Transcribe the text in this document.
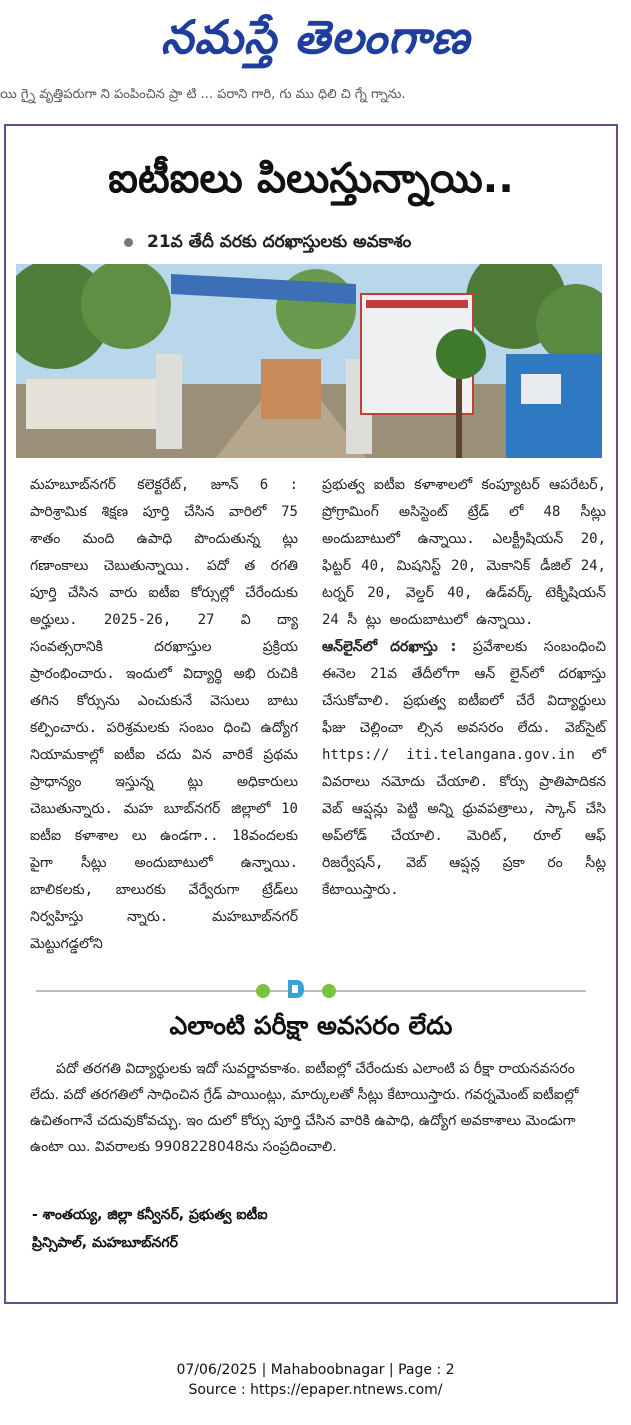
నమస్తే తెలంగాణ
యి గ్నై వృత్తిపరుగా ని పంపించిన ప్రా టి ... పరాని గారి, గు ము ధిలి చి గ్నే గ్నాను.
ఐటీఐలు పిలుస్తున్నాయి..
21వ తేదీ వరకు దరఖాస్తులకు అవకాశం

మహబూబ్‌నగర్ కలెక్టరేట్, జూన్ 6 : పారిశ్రామిక శిక్షణ పూర్తి చేసిన వారిలో 75 శాతం మంది ఉపాధి పొందుతున్న ట్లు గణాంకాలు చెబుతున్నాయి. పదో త రగతి పూర్తి చేసిన వారు ఐటీఐ కోర్సుల్లో చేరేందుకు అర్హులు. 2025-26, 27 వి ద్యా సంవత్సరానికి దరఖాస్తుల ప్రక్రియ ప్రారంభించారు. ఇందులో విద్యార్థి అభి రుచికి తగిన కోర్సును ఎంచుకునే వెసులు బాటు కల్పించారు. పరిశ్రమలకు సంబం ధించి ఉద్యోగ నియామకాల్లో ఐటీఐ చదు విన వారికే ప్రథమ ప్రాధాన్యం ఇస్తున్న ట్లు అధికారులు చెబుతున్నారు. మహ బూబ్‌నగర్ జిల్లాలో 10 ఐటీఐ కళాశాల లు ఉండగా.. 18వందలకు పైగా సీట్లు అందుబాటులో ఉన్నాయి. బాలికలకు, బాలురకు వేర్వేరుగా ట్రేడ్‌లు నిర్వహిస్తు న్నారు. మహబూబ్‌నగర్ మెట్టుగడ్డలోని

ప్రభుత్వ ఐటీఐ కళాశాలలో కంప్యూటర్ ఆపరేటర్, ప్రోగ్రామింగ్ అసిస్టెంట్ ట్రేడ్ లో 48 సీట్లు అందుబాటులో ఉన్నాయి. ఎలక్ట్రీషియన్ 20, ఫిట్టర్ 40, మిషనిస్ట్ 20, మెకానిక్ డీజిల్ 24, టర్నర్ 20, వెల్డర్ 40, ఉడ్‌వర్క్ టెక్నీషియన్ 24 సీ ట్లు అందుబాటులో ఉన్నాయి.

ఆన్‌లైన్‌లో దరఖాస్తు : ప్రవేశాలకు సంబంధించి ఈనెల 21వ తేదీలోగా ఆన్ లైన్‌లో దరఖాస్తు చేసుకోవాలి. ప్రభుత్వ ఐటీఐలో చేరే విద్యార్థులు ఫీజు చెల్లించా ల్సిన అవసరం లేదు. వెబ్‌సైట్ https:// iti.telangana.gov.in లో వివరాలు నమోదు చేయాలి. కోర్సు ప్రాతిపాదికన వెబ్ ఆప్షన్లు పెట్టి అన్ని ధ్రువపత్రాలు, స్కాన్ చేసి అప్‌లోడ్ చేయాలి. మెరిట్, రూల్ ఆఫ్ రిజర్వేషన్, వెబ్ ఆప్షన్ల ప్రకా రం సీట్ల కేటాయిస్తారు.

ఎలాంటి పరీక్షా అవసరం లేదు

పదో తరగతి విద్యార్థులకు ఇదో సువర్ణావకాశం. ఐటీఐల్లో చేరేందుకు ఎలాంటి ప రీక్షా రాయనవసరం లేదు. పదో తరగతిలో సాధించిన గ్రేడ్ పాయింట్లు, మార్కులతో సీట్లు కేటాయిస్తారు. గవర్నమెంట్ ఐటీఐల్లో ఉచితంగానే చదువుకోవచ్చు. ఇం దులో కోర్సు పూర్తి చేసిన వారికి ఉపాధి, ఉద్యోగ అవకాశాలు మెండుగా ఉంటా యి. వివరాలకు 9908228048ను సంప్రదించాలి.

- శాంతయ్య, జిల్లా కన్వీనర్, ప్రభుత్వ ఐటీఐ
ప్రిన్సిపాల్, మహబూబ్‌నగర్
07/06/2025 | Mahaboobnagar | Page : 2
Source : https://epaper.ntnews.com/
